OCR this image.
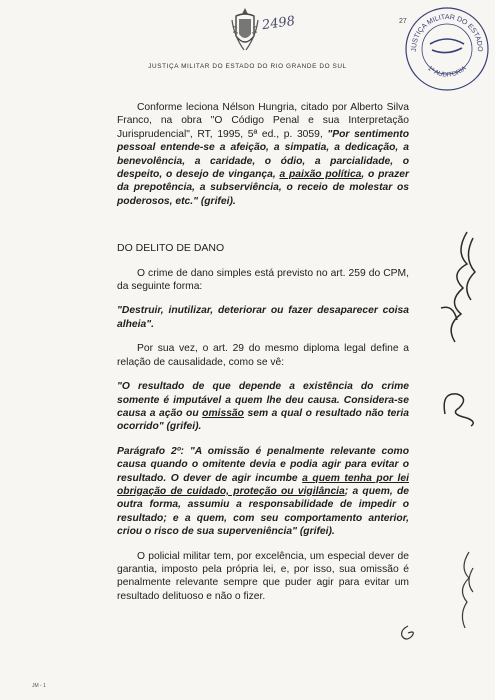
2498	27
JUSTIÇA MILITAR DO ESTADO
1ª AUDITORIA
JUSTIÇA MILITAR DO ESTADO DO RIO GRANDE DO SUL

Conforme leciona Nélson Hungria, citado por Alberto Silva Franco, na obra "O Código Penal e sua Interpretação Jurisprudencial", RT, 1995, 5ª ed., p. 3059, "Por sentimento pessoal entende-se a afeição, a simpatia, a dedicação, a benevolência, a caridade, o ódio, a parcialidade, o despeito, o desejo de vingança, a paixão política, o prazer da prepotência, a subserviência, o receio de molestar os poderosos, etc." (grifei).

DO DELITO DE DANO

O crime de dano simples está previsto no art. 259 do CPM, da seguinte forma:

"Destruir, inutilizar, deteriorar ou fazer desaparecer coisa alheia".

Por sua vez, o art. 29 do mesmo diploma legal define a relação de causalidade, como se vê:

"O resultado de que depende a existência do crime somente é imputável a quem lhe deu causa. Considera-se causa a ação ou omissão sem a qual o resultado não teria ocorrido" (grifei).

Parágrafo 2º: "A omissão é penalmente relevante como causa quando o omitente devia e podia agir para evitar o resultado. O dever de agir incumbe a quem tenha por lei obrigação de cuidado, proteção ou vigilância; a quem, de outra forma, assumiu a responsabilidade de impedir o resultado; e a quem, com seu comportamento anterior, criou o risco de sua superveniência" (grifei).

O policial militar tem, por excelência, um especial dever de garantia, imposto pela própria lei, e, por isso, sua omissão é penalmente relevante sempre que puder agir para evitar um resultado delituoso e não o fizer.

JM - 1
